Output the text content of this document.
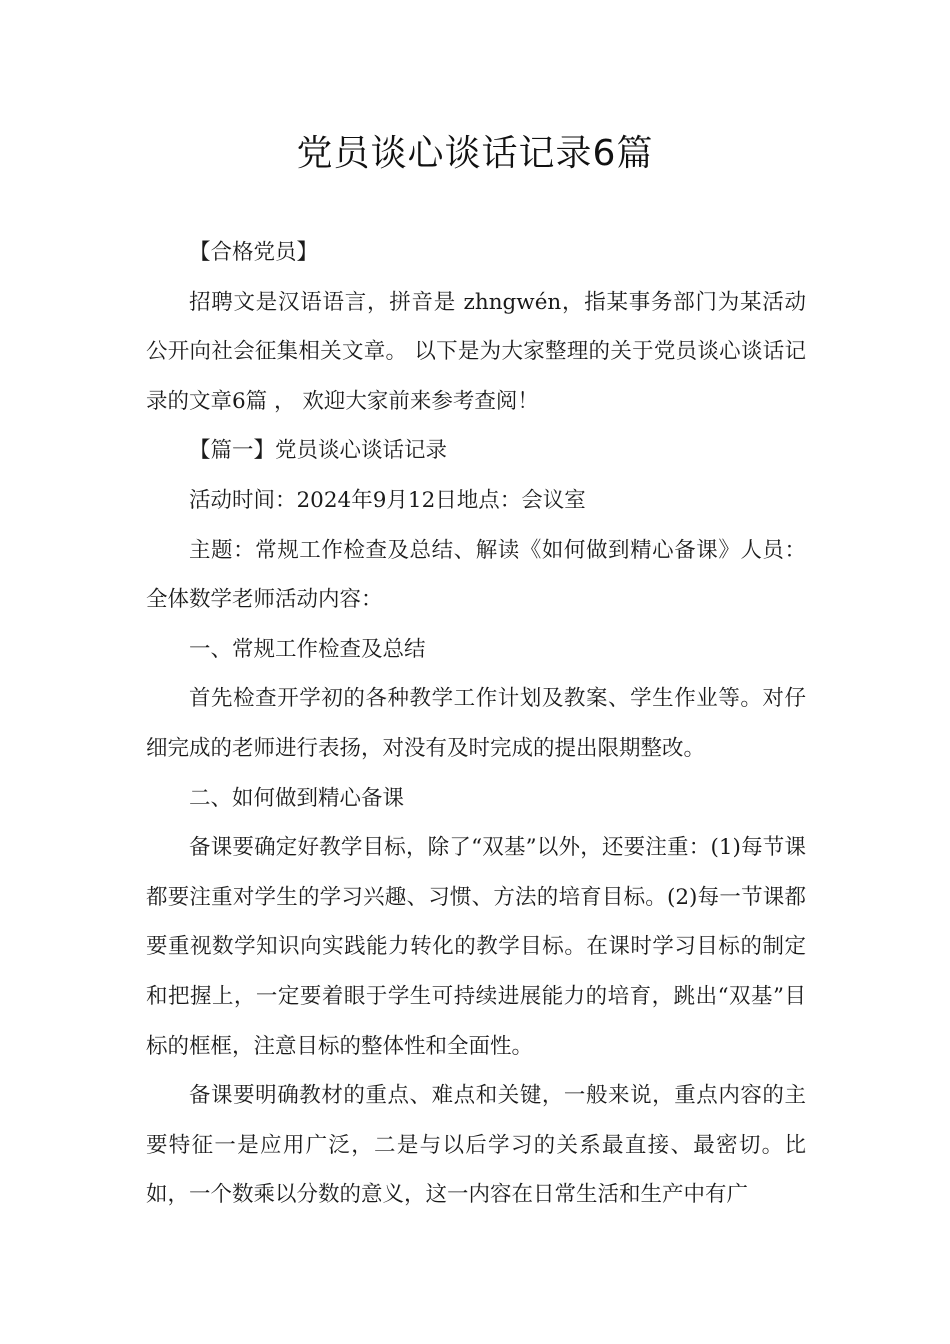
党员谈心谈话记录6篇

【合格党员】

招聘文是汉语语言，拼音是 zhngwén，指某事务部门为某活动公开向社会征集相关文章。 以下是为大家整理的关于党员谈心谈话记录的文章6篇 ， 欢迎大家前来参考查阅！

【篇一】党员谈心谈话记录

活动时间：2024年9月12日地点：会议室

主题：常规工作检查及总结、解读《如何做到精心备课》人员：全体数学老师活动内容：

一、常规工作检查及总结

首先检查开学初的各种教学工作计划及教案、学生作业等。对仔细完成的老师进行表扬，对没有及时完成的提出限期整改。

二、如何做到精心备课

备课要确定好教学目标，除了“双基”以外，还要注重：(1)每节课都要注重对学生的学习兴趣、习惯、方法的培育目标。(2)每一节课都要重视数学知识向实践能力转化的教学目标。在课时学习目标的制定和把握上，一定要着眼于学生可持续进展能力的培育，跳出“双基”目标的框框，注意目标的整体性和全面性。

备课要明确教材的重点、难点和关键，一般来说，重点内容的主要特征一是应用广泛，二是与以后学习的关系最直接、最密切。比如，一个数乘以分数的意义，这一内容在日常生活和生产中有广
